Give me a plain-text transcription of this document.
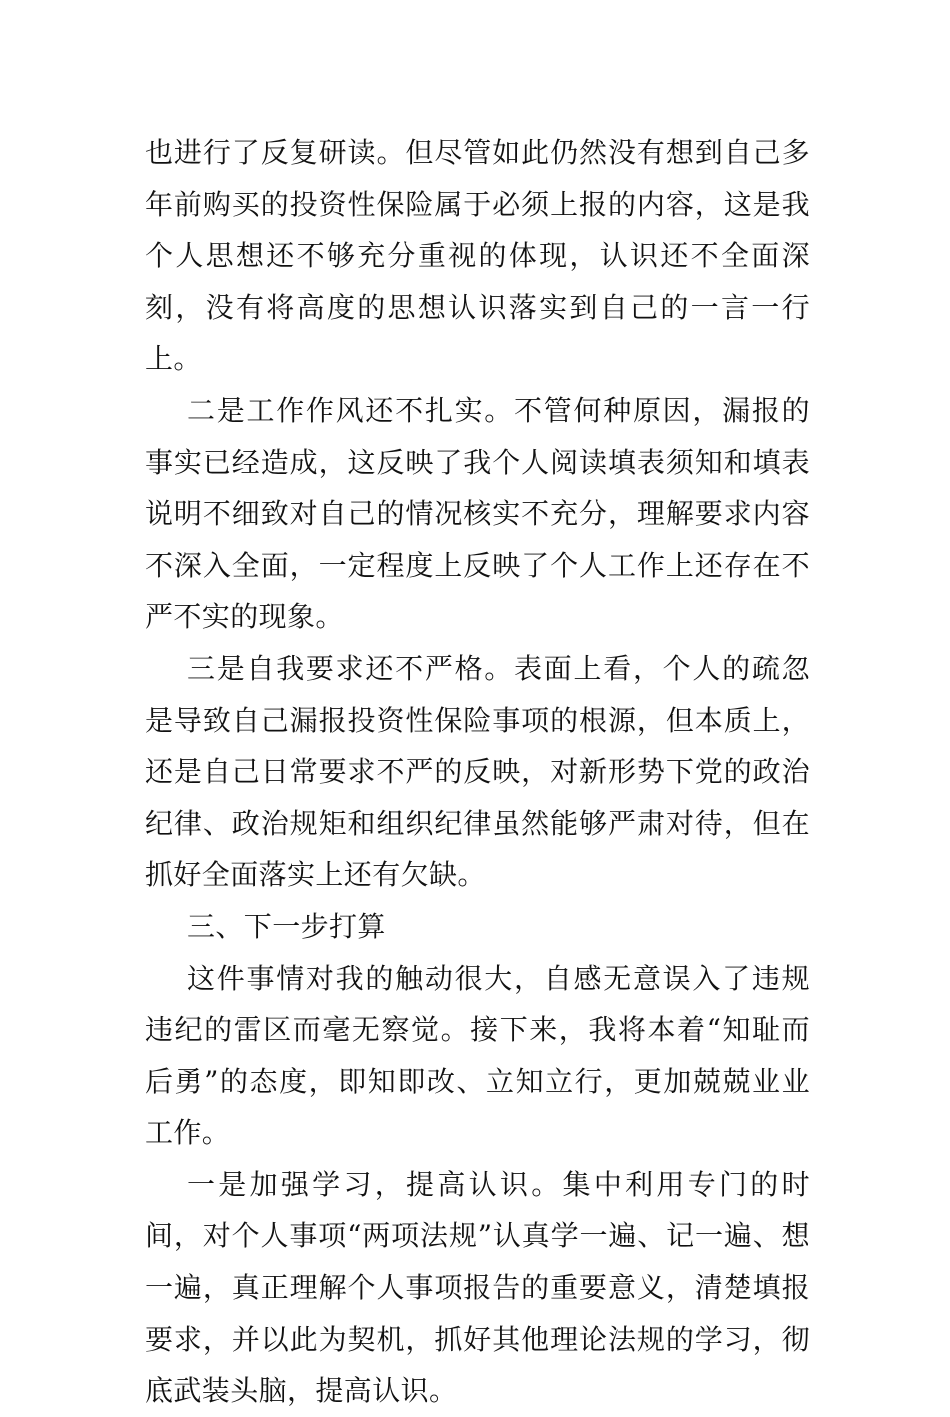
也进行了反复研读。但尽管如此仍然没有想到自己多年前购买的投资性保险属于必须上报的内容，这是我个人思想还不够充分重视的体现，认识还不全面深刻，没有将高度的思想认识落实到自己的一言一行上。

二是工作作风还不扎实。不管何种原因，漏报的事实已经造成，这反映了我个人阅读填表须知和填表说明不细致对自己的情况核实不充分，理解要求内容不深入全面，一定程度上反映了个人工作上还存在不严不实的现象。

三是自我要求还不严格。表面上看，个人的疏忽是导致自己漏报投资性保险事项的根源，但本质上，还是自己日常要求不严的反映，对新形势下党的政治纪律、政治规矩和组织纪律虽然能够严肃对待，但在抓好全面落实上还有欠缺。

三、下一步打算

这件事情对我的触动很大，自感无意误入了违规违纪的雷区而毫无察觉。接下来，我将本着“知耻而后勇”的态度，即知即改、立知立行，更加兢兢业业工作。

一是加强学习，提高认识。集中利用专门的时间，对个人事项“两项法规”认真学一遍、记一遍、想一遍，真正理解个人事项报告的重要意义，清楚填报要求，并以此为契机，抓好其他理论法规的学习，彻底武装头脑，提高认识。
